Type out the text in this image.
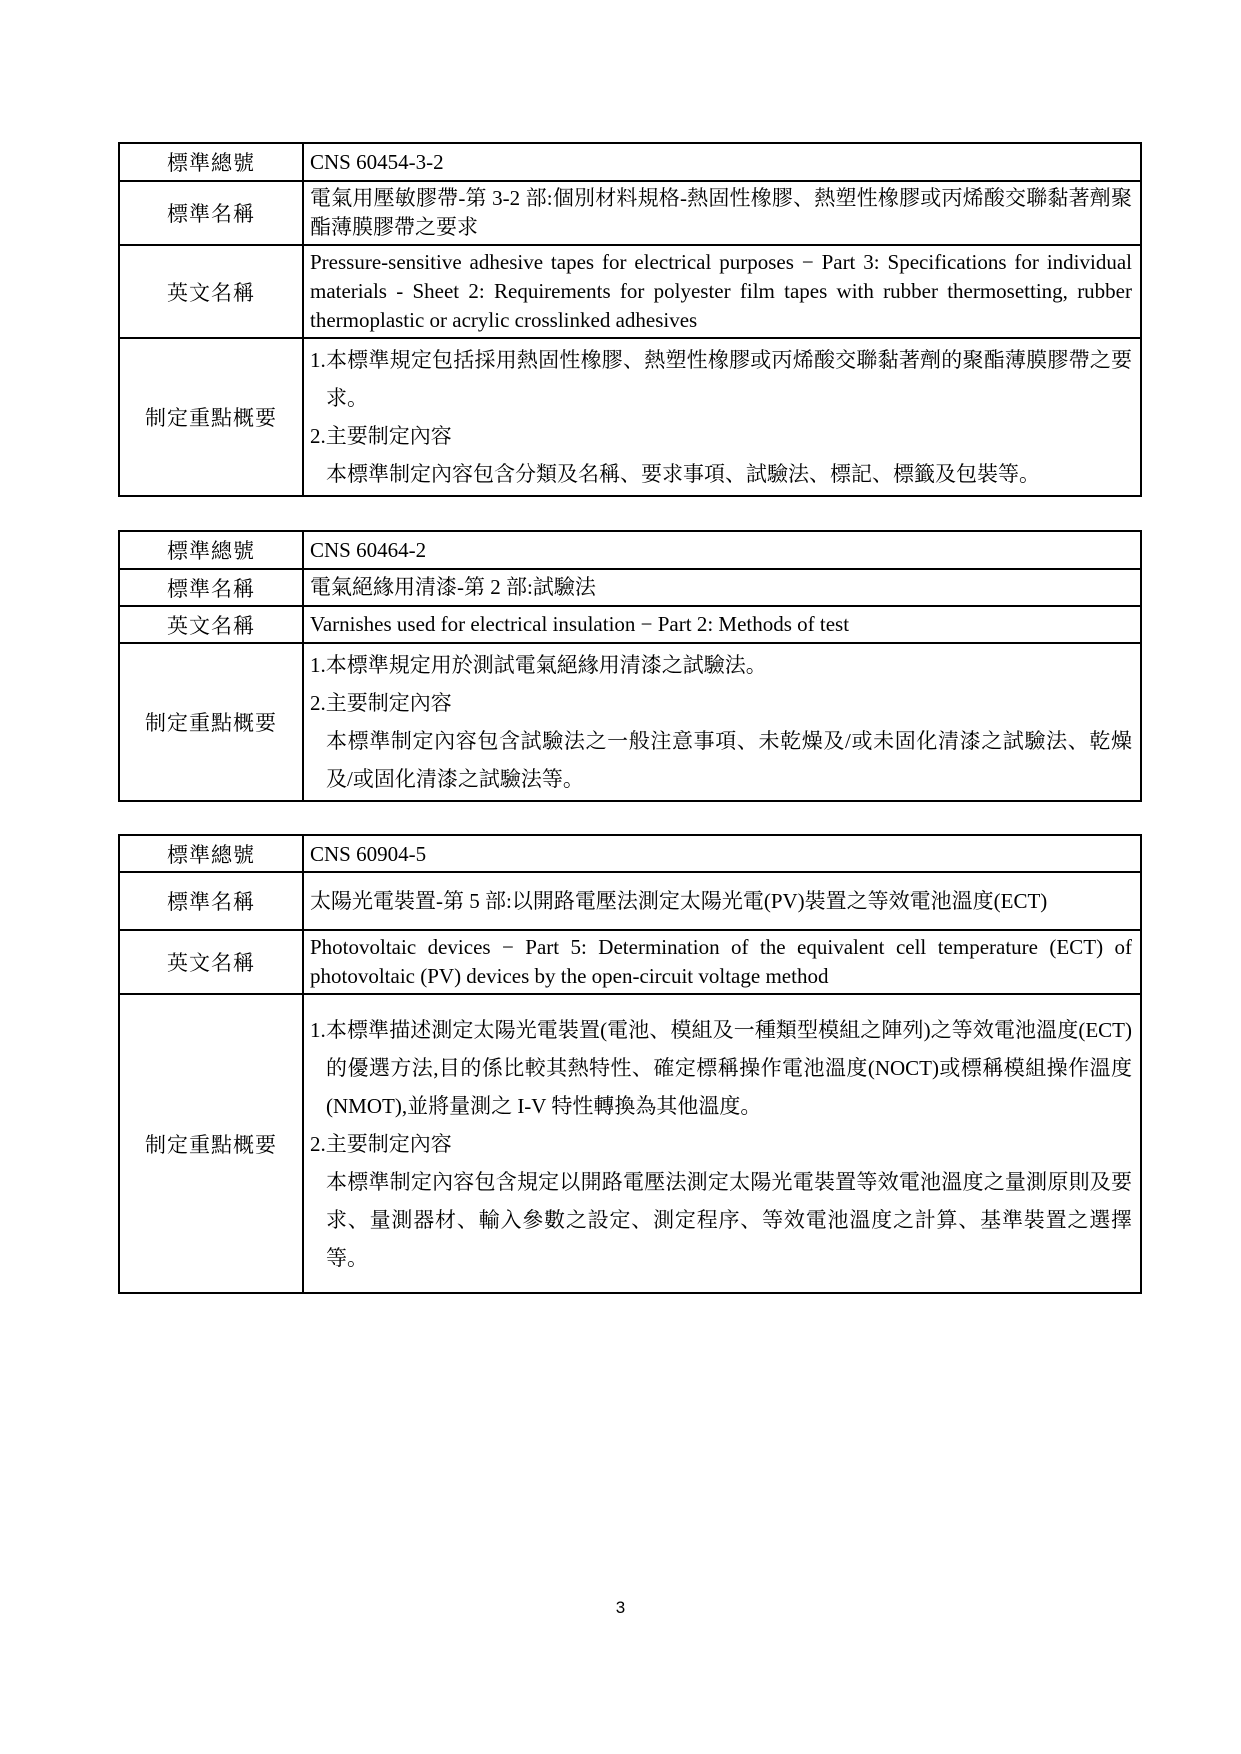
標準總號	CNS 60454-3-2
標準名稱	電氣用壓敏膠帶-第 3-2 部:個別材料規格-熱固性橡膠、熱塑性橡膠或丙烯酸交聯黏著劑聚酯薄膜膠帶之要求
英文名稱	Pressure-sensitive adhesive tapes for electrical purposes − Part 3: Specifications for individual materials - Sheet 2: Requirements for polyester film tapes with rubber thermosetting, rubber thermoplastic or acrylic crosslinked adhesives
制定重點概要	1.本標準規定包括採用熱固性橡膠、熱塑性橡膠或丙烯酸交聯黏著劑的聚酯薄膜膠帶之要求。
2.主要制定內容
本標準制定內容包含分類及名稱、要求事項、試驗法、標記、標籤及包裝等。
標準總號	CNS 60464-2
標準名稱	電氣絕緣用清漆-第 2 部:試驗法
英文名稱	Varnishes used for electrical insulation − Part 2: Methods of test
制定重點概要	1.本標準規定用於測試電氣絕緣用清漆之試驗法。
2.主要制定內容
本標準制定內容包含試驗法之一般注意事項、未乾燥及/或未固化清漆之試驗法、乾燥及/或固化清漆之試驗法等。
標準總號	CNS 60904-5
標準名稱	太陽光電裝置-第 5 部:以開路電壓法測定太陽光電(PV)裝置之等效電池溫度(ECT)
英文名稱	Photovoltaic devices − Part 5: Determination of the equivalent cell temperature (ECT) of photovoltaic (PV) devices by the open-circuit voltage method
制定重點概要	1.本標準描述測定太陽光電裝置(電池、模組及一種類型模組之陣列)之等效電池溫度(ECT)的優選方法,目的係比較其熱特性、確定標稱操作電池溫度(NOCT)或標稱模組操作溫度(NMOT),並將量測之 I-V 特性轉換為其他溫度。
2.主要制定內容
本標準制定內容包含規定以開路電壓法測定太陽光電裝置等效電池溫度之量測原則及要求、量測器材、輸入參數之設定、測定程序、等效電池溫度之計算、基準裝置之選擇等。
3
